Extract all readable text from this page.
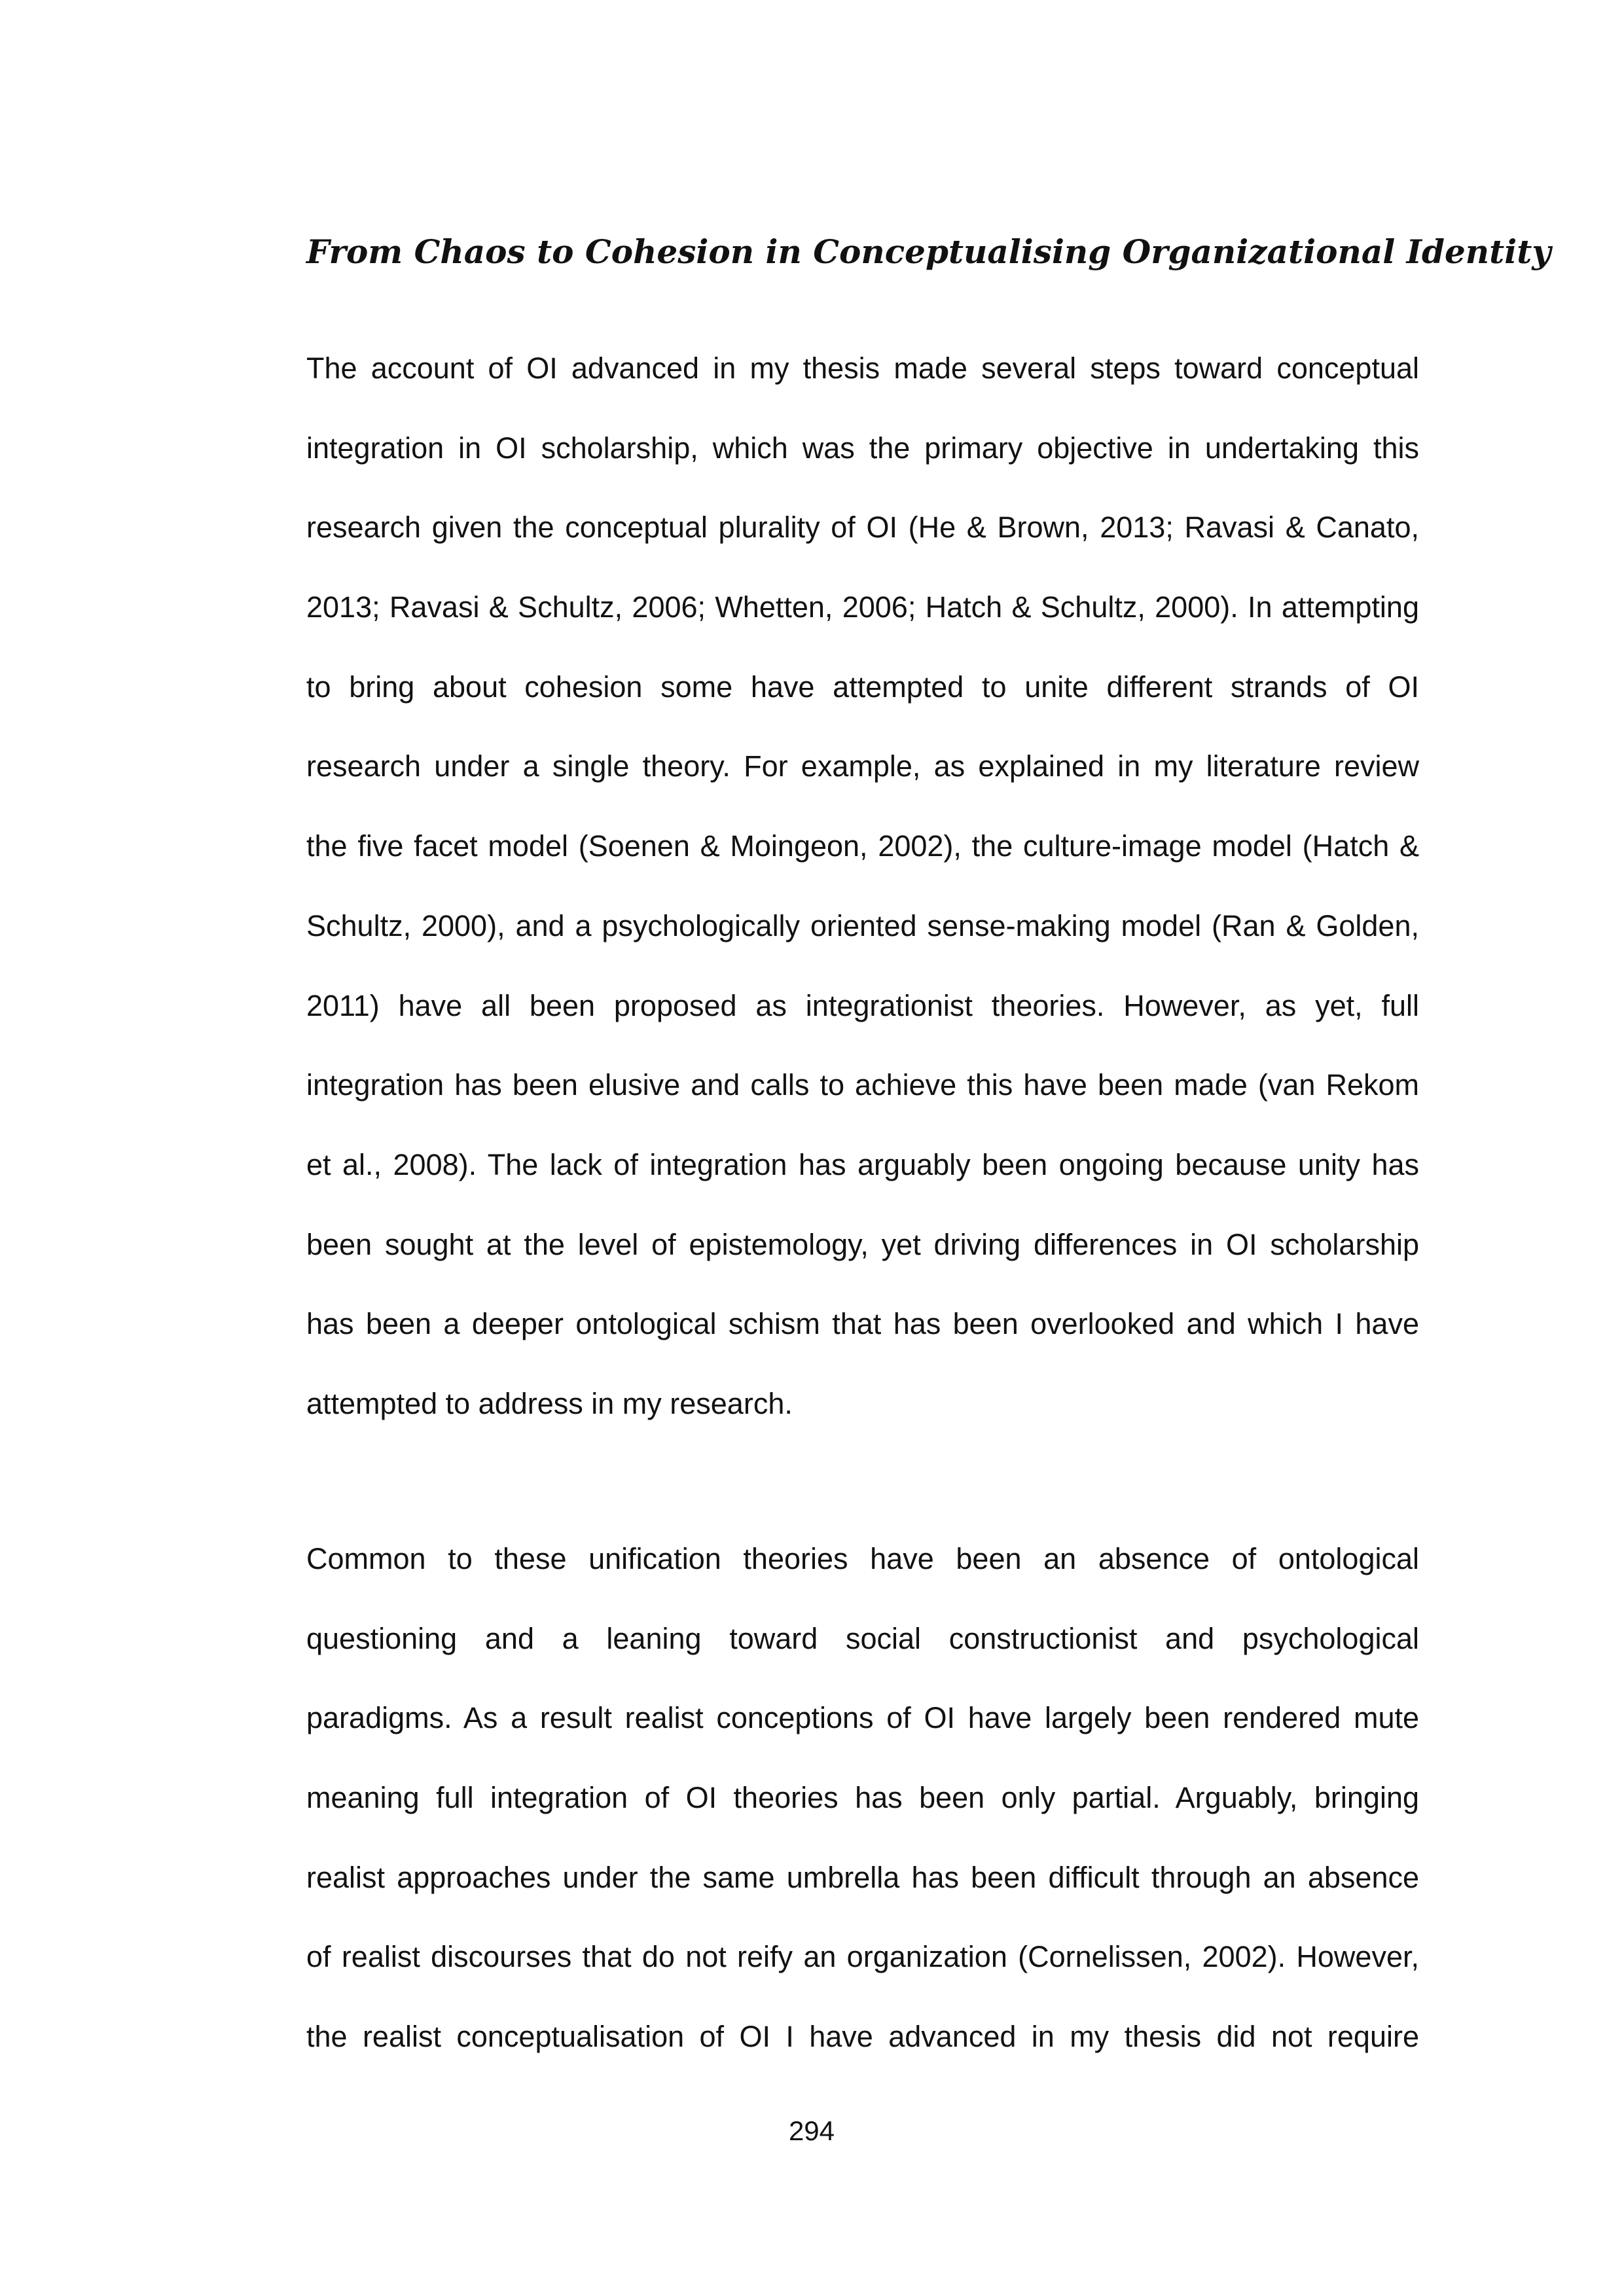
From Chaos to Cohesion in Conceptualising Organizational Identity
The account of OI advanced in my thesis made several steps toward conceptual
integration in OI scholarship, which was the primary objective in undertaking this
research given the conceptual plurality of OI (He & Brown, 2013; Ravasi & Canato,
2013; Ravasi & Schultz, 2006; Whetten, 2006; Hatch & Schultz, 2000). In attempting
to bring about cohesion some have attempted to unite different strands of OI
research under a single theory. For example, as explained in my literature review
the five facet model (Soenen & Moingeon, 2002), the culture-image model (Hatch &
Schultz, 2000), and a psychologically oriented sense-making model (Ran & Golden,
2011) have all been proposed as integrationist theories. However, as yet, full
integration has been elusive and calls to achieve this have been made (van Rekom
et al., 2008). The lack of integration has arguably been ongoing because unity has
been sought at the level of epistemology, yet driving differences in OI scholarship
has been a deeper ontological schism that has been overlooked and which I have
attempted to address in my research.
Common to these unification theories have been an absence of ontological
questioning and a leaning toward social constructionist and psychological
paradigms. As a result realist conceptions of OI have largely been rendered mute
meaning full integration of OI theories has been only partial. Arguably, bringing
realist approaches under the same umbrella has been difficult through an absence
of realist discourses that do not reify an organization (Cornelissen, 2002). However,
the realist conceptualisation of OI I have advanced in my thesis did not require
294
